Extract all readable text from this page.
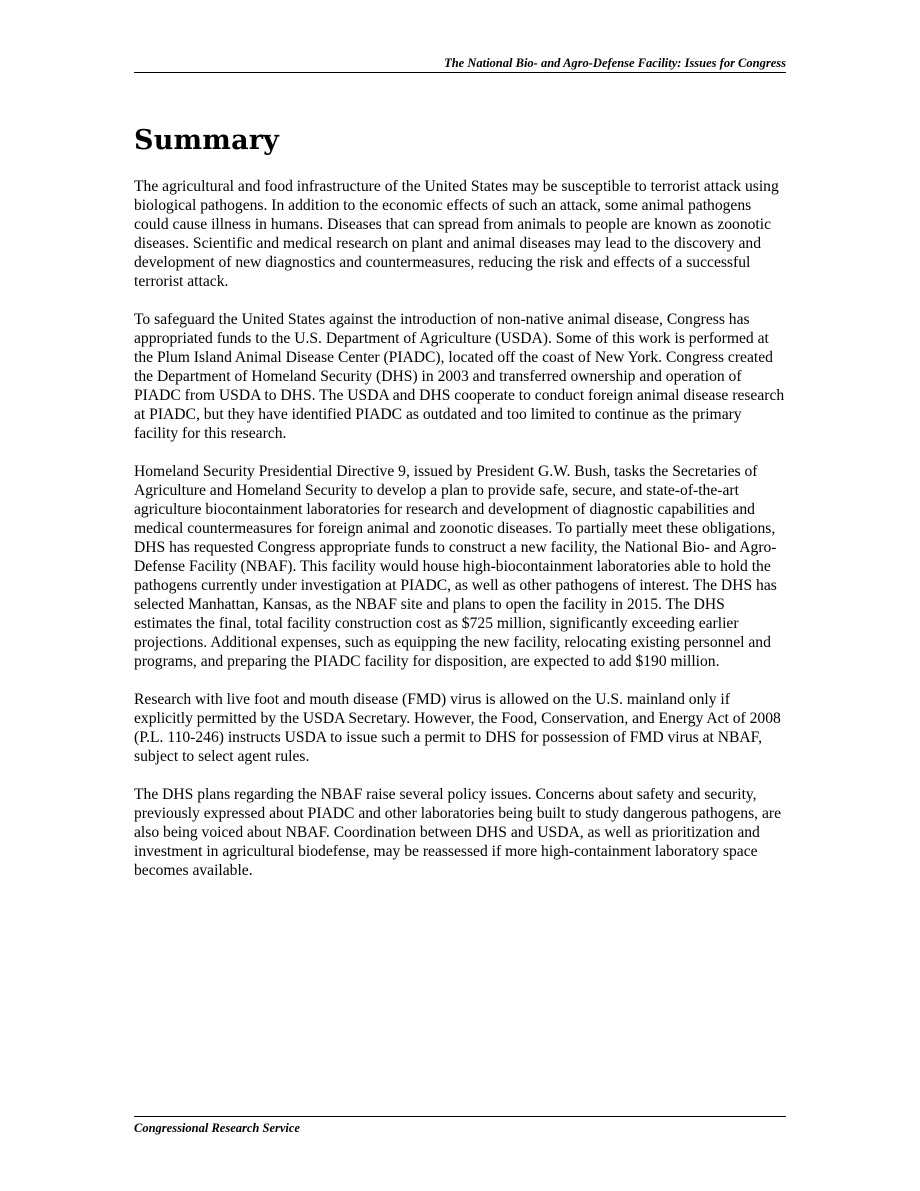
The National Bio- and Agro-Defense Facility: Issues for Congress
Summary

The agricultural and food infrastructure of the United States may be susceptible to terrorist attack using biological pathogens. In addition to the economic effects of such an attack, some animal pathogens could cause illness in humans. Diseases that can spread from animals to people are known as zoonotic diseases. Scientific and medical research on plant and animal diseases may lead to the discovery and development of new diagnostics and countermeasures, reducing the risk and effects of a successful terrorist attack.

To safeguard the United States against the introduction of non-native animal disease, Congress has appropriated funds to the U.S. Department of Agriculture (USDA). Some of this work is performed at the Plum Island Animal Disease Center (PIADC), located off the coast of New York. Congress created the Department of Homeland Security (DHS) in 2003 and transferred ownership and operation of PIADC from USDA to DHS. The USDA and DHS cooperate to conduct foreign animal disease research at PIADC, but they have identified PIADC as outdated and too limited to continue as the primary facility for this research.

Homeland Security Presidential Directive 9, issued by President G.W. Bush, tasks the Secretaries of Agriculture and Homeland Security to develop a plan to provide safe, secure, and state-of-the-art agriculture biocontainment laboratories for research and development of diagnostic capabilities and medical countermeasures for foreign animal and zoonotic diseases. To partially meet these obligations, DHS has requested Congress appropriate funds to construct a new facility, the National Bio- and Agro-Defense Facility (NBAF). This facility would house high-biocontainment laboratories able to hold the pathogens currently under investigation at PIADC, as well as other pathogens of interest. The DHS has selected Manhattan, Kansas, as the NBAF site and plans to open the facility in 2015. The DHS estimates the final, total facility construction cost as $725 million, significantly exceeding earlier projections. Additional expenses, such as equipping the new facility, relocating existing personnel and programs, and preparing the PIADC facility for disposition, are expected to add $190 million.

Research with live foot and mouth disease (FMD) virus is allowed on the U.S. mainland only if explicitly permitted by the USDA Secretary. However, the Food, Conservation, and Energy Act of 2008 (P.L. 110-246) instructs USDA to issue such a permit to DHS for possession of FMD virus at NBAF, subject to select agent rules.

The DHS plans regarding the NBAF raise several policy issues. Concerns about safety and security, previously expressed about PIADC and other laboratories being built to study dangerous pathogens, are also being voiced about NBAF. Coordination between DHS and USDA, as well as prioritization and investment in agricultural biodefense, may be reassessed if more high-containment laboratory space becomes available.

Congressional Research Service
